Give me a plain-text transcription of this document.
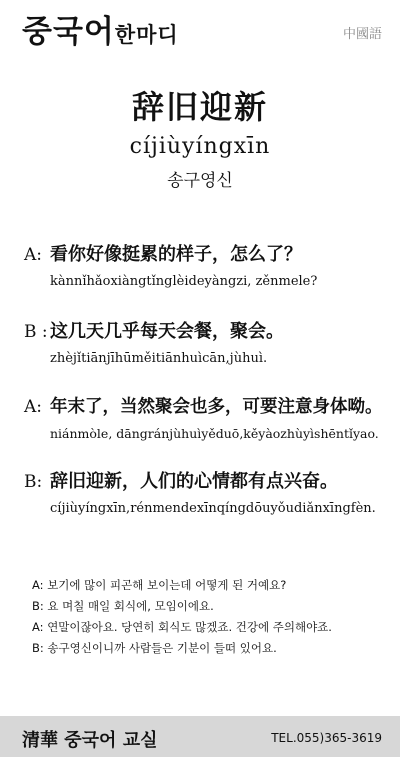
중국어한마디	中國語
辞旧迎新
cíjiùyíngxīn
송구영신
A: 看你好像挺累的样子，怎么了？
kànnǐhǎoxiàngtǐnglèideyàngzi, zěnmele?
B : 这几天几乎每天会餐，聚会。
zhèjǐtiānjīhūměitiānhuìcān,jùhuì.
A: 年末了，当然聚会也多，可要注意身体呦。
niánmòle, dāngránjùhuìyěduō,kěyàozhùyìshēntǐyao.
B: 辞旧迎新，人们的心情都有点兴奋。
cíjiùyíngxīn,rénmendexīnqíngdōuyǒudiǎnxīngfèn.
A: 보기에 많이 피곤해 보이는데 어떻게 된 거예요?
B: 요 며칠 매일 회식에, 모임이에요.
A: 연말이잖아요. 당연히 회식도 많겠죠. 건강에 주의해야죠.
B: 송구영신이니까 사람들은 기분이 들떠 있어요.
清華 중국어 교실	TEL.055)365-3619
